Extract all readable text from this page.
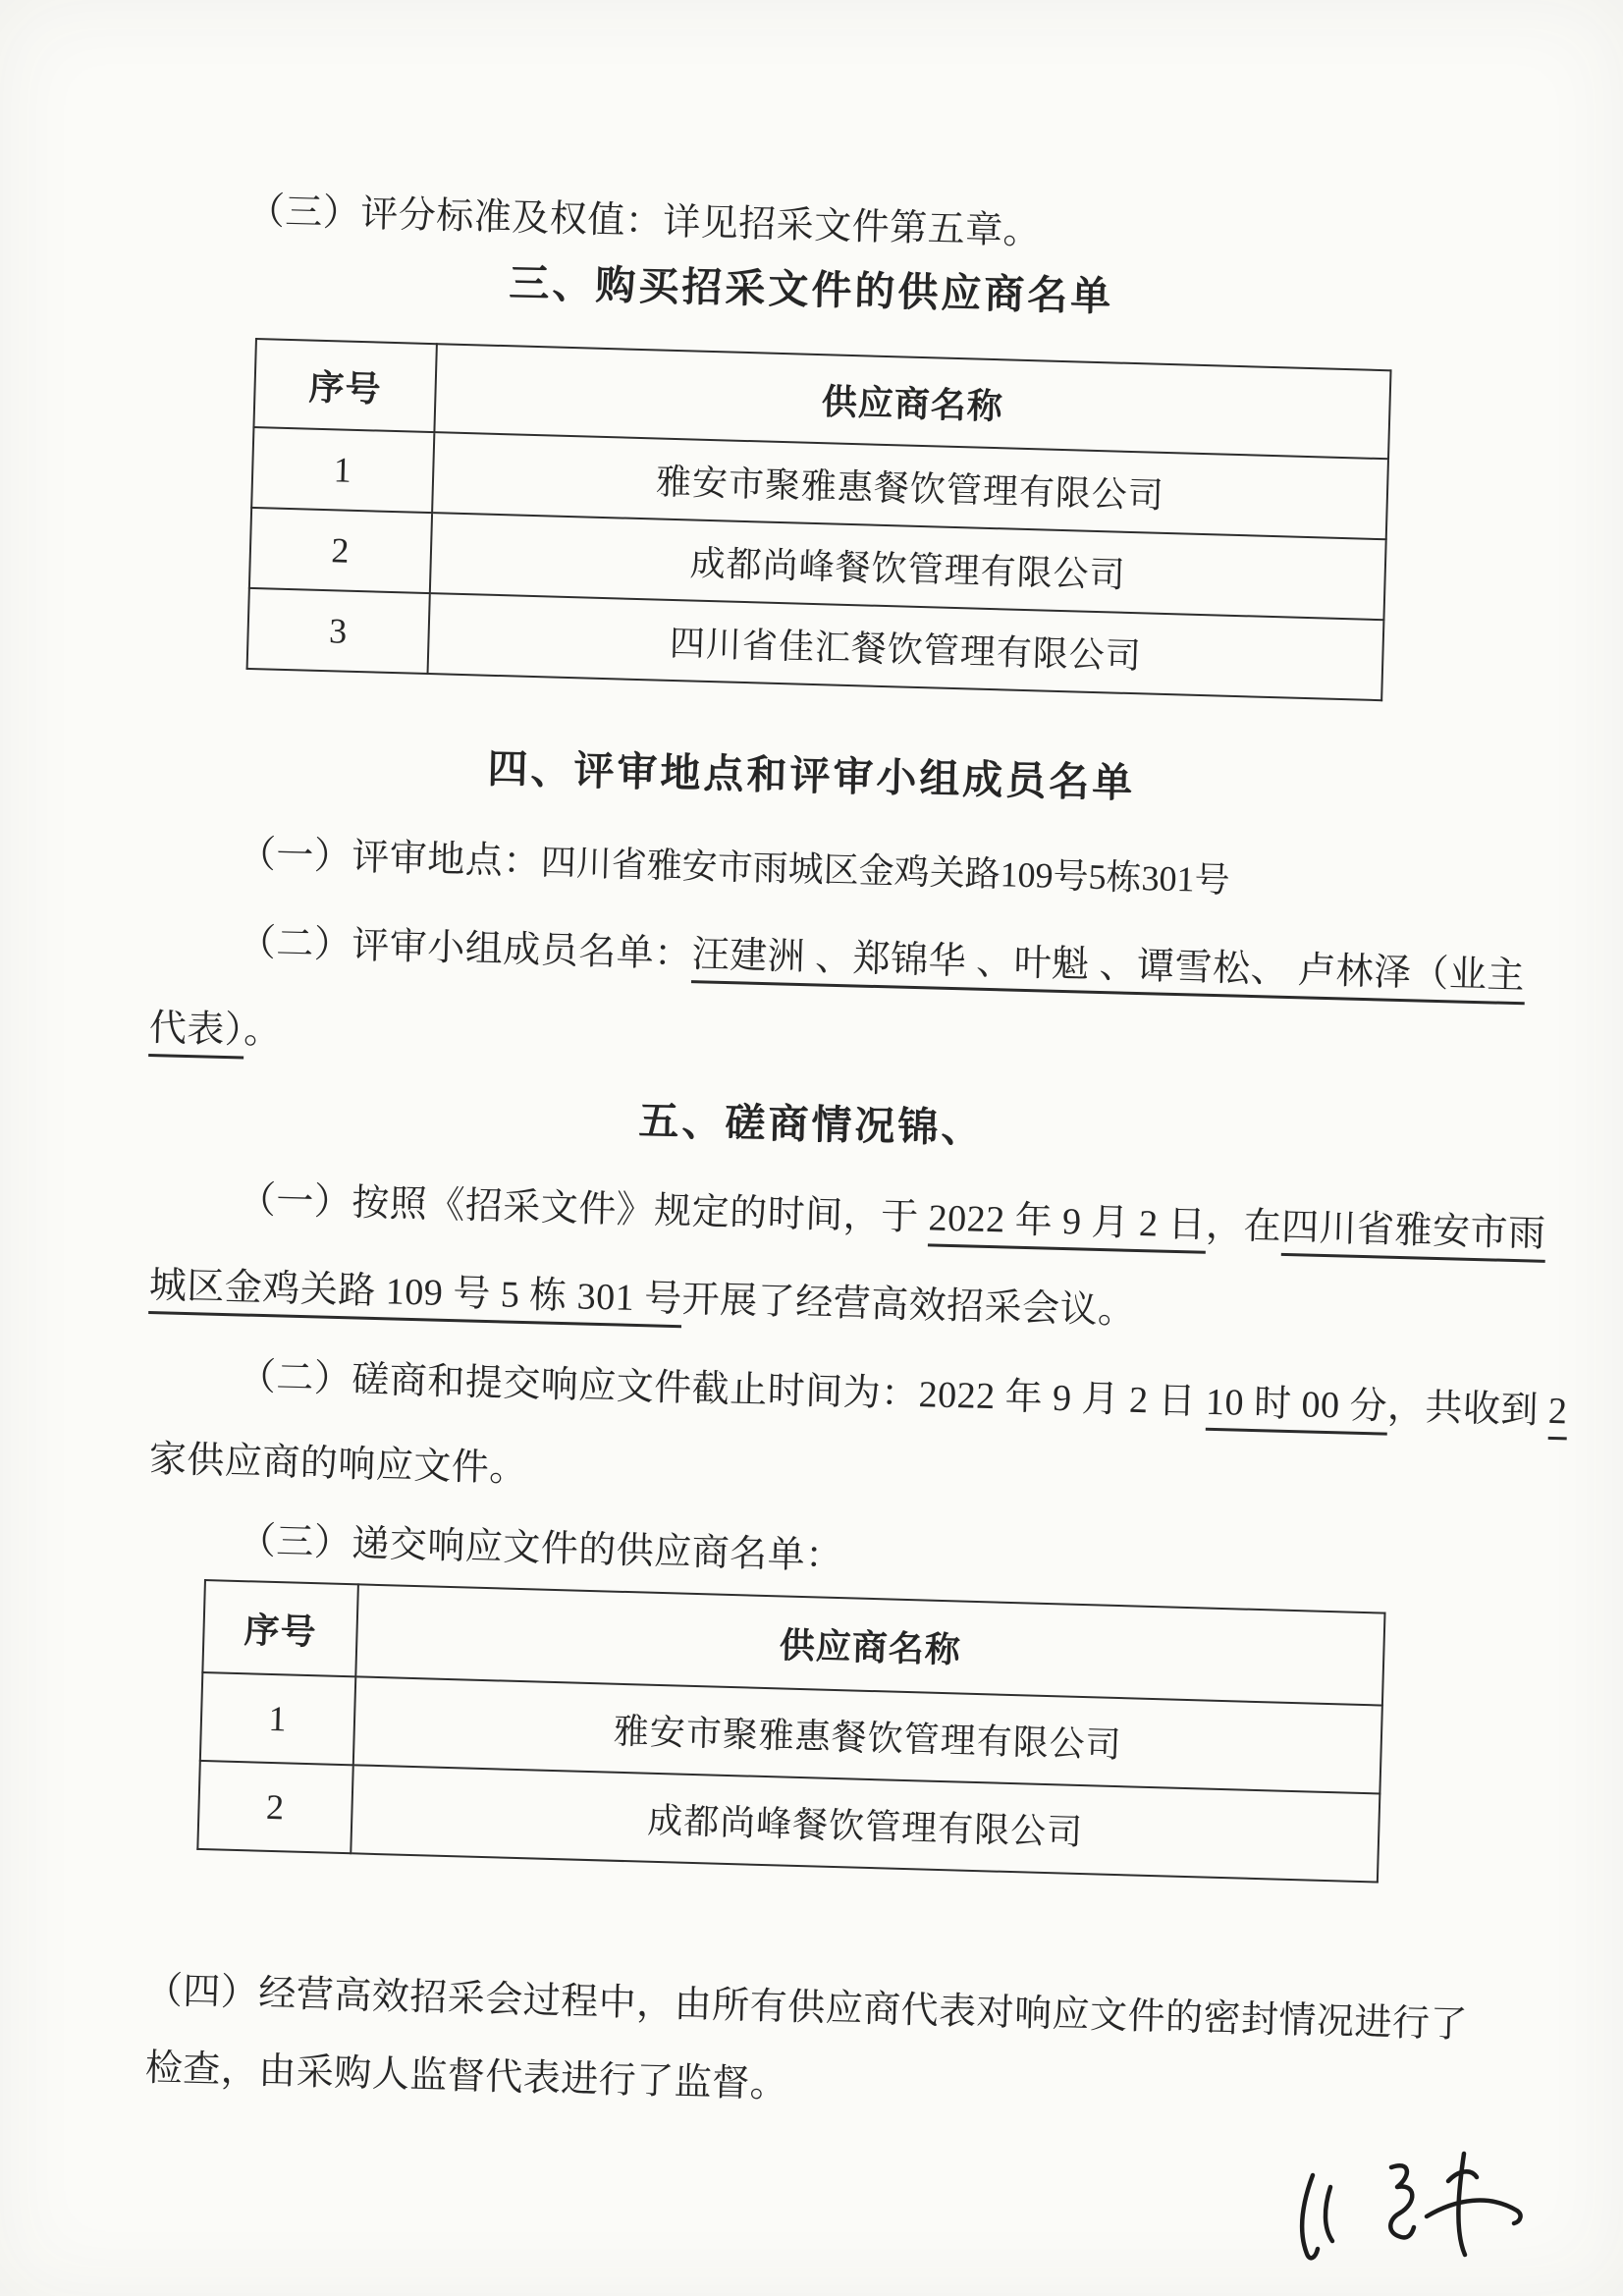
（三）评分标准及权值：详见招采文件第五章。
三、购买招采文件的供应商名单
序号	供应商名称
1	雅安市聚雅惠餐饮管理有限公司
2	成都尚峰餐饮管理有限公司
3	四川省佳汇餐饮管理有限公司
四、评审地点和评审小组成员名单
（一）评审地点：四川省雅安市雨城区金鸡关路109号5栋301号
（二）评审小组成员名单：汪建洲 、郑锦华 、叶魁 、谭雪松、 卢林泽（业主
代表）。
五、磋商情况锦、
（一）按照《招采文件》规定的时间，于 2022 年 9 月 2 日，在四川省雅安市雨
城区金鸡关路 109 号 5 栋 301 号开展了经营高效招采会议。
（二）磋商和提交响应文件截止时间为：2022 年 9 月 2 日 10 时 00 分，共收到 2
家供应商的响应文件。
（三）递交响应文件的供应商名单：
序号	供应商名称
1	雅安市聚雅惠餐饮管理有限公司
2	成都尚峰餐饮管理有限公司
（四）经营高效招采会过程中，由所有供应商代表对响应文件的密封情况进行了
检查，由采购人监督代表进行了监督。
